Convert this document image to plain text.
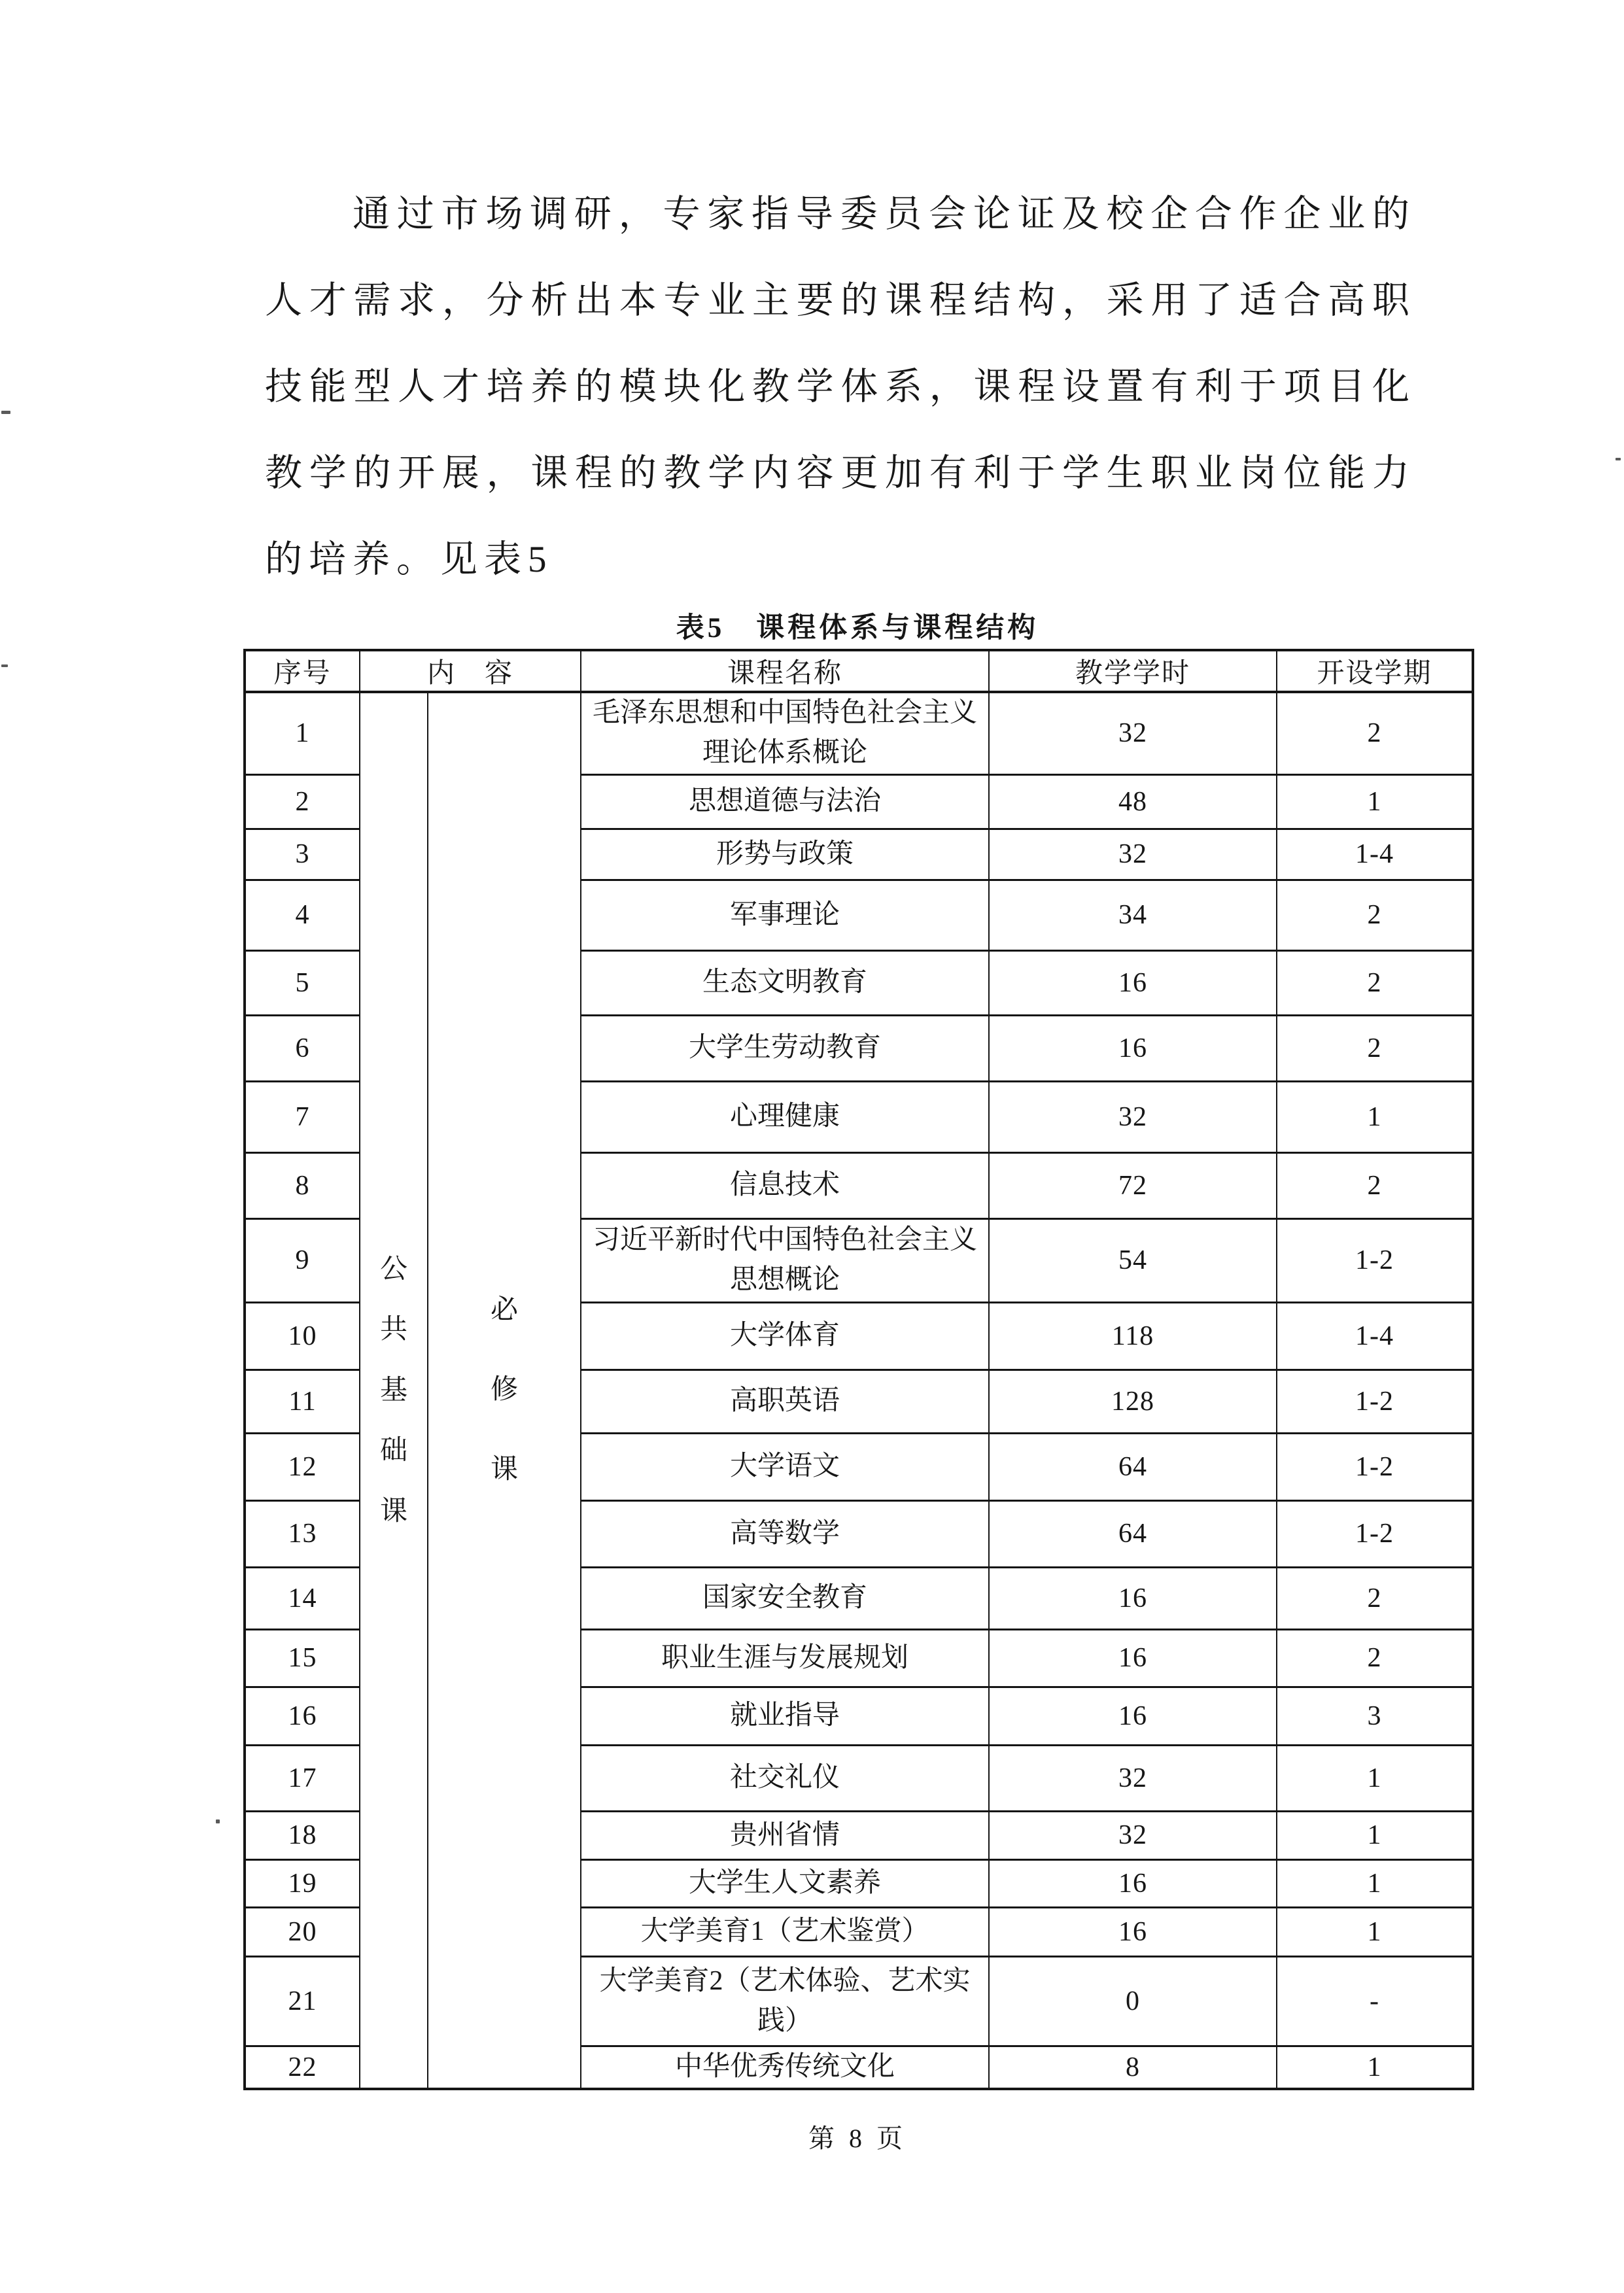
通过市场调研，专家指导委员会论证及校企合作企业的人才需求，分析出本专业主要的课程结构，采用了适合高职技能型人才培养的模块化教学体系，课程设置有利于项目化教学的开展，课程的教学内容更加有利于学生职业岗位能力的培养。见表5

表5　课程体系与课程结构
序号	内　容		课程名称	教学学时	开设学期
1	公共基础课	必修课	毛泽东思想和中国特色社会主义理论体系概论	32	2
2			思想道德与法治	48	1
3			形势与政策	32	1-4
4			军事理论	34	2
5			生态文明教育	16	2
6			大学生劳动教育	16	2
7			心理健康	32	1
8			信息技术	72	2
9			习近平新时代中国特色社会主义思想概论	54	1-2
10			大学体育	118	1-4
11			高职英语	128	1-2
12			大学语文	64	1-2
13			高等数学	64	1-2
14			国家安全教育	16	2
15			职业生涯与发展规划	16	2
16			就业指导	16	3
17			社交礼仪	32	1
18			贵州省情	32	1
19			大学生人文素养	16	1
20			大学美育1（艺术鉴赏）	16	1
21			大学美育2（艺术体验、艺术实践）	0	-
22			中华优秀传统文化	8	1
第 8 页
